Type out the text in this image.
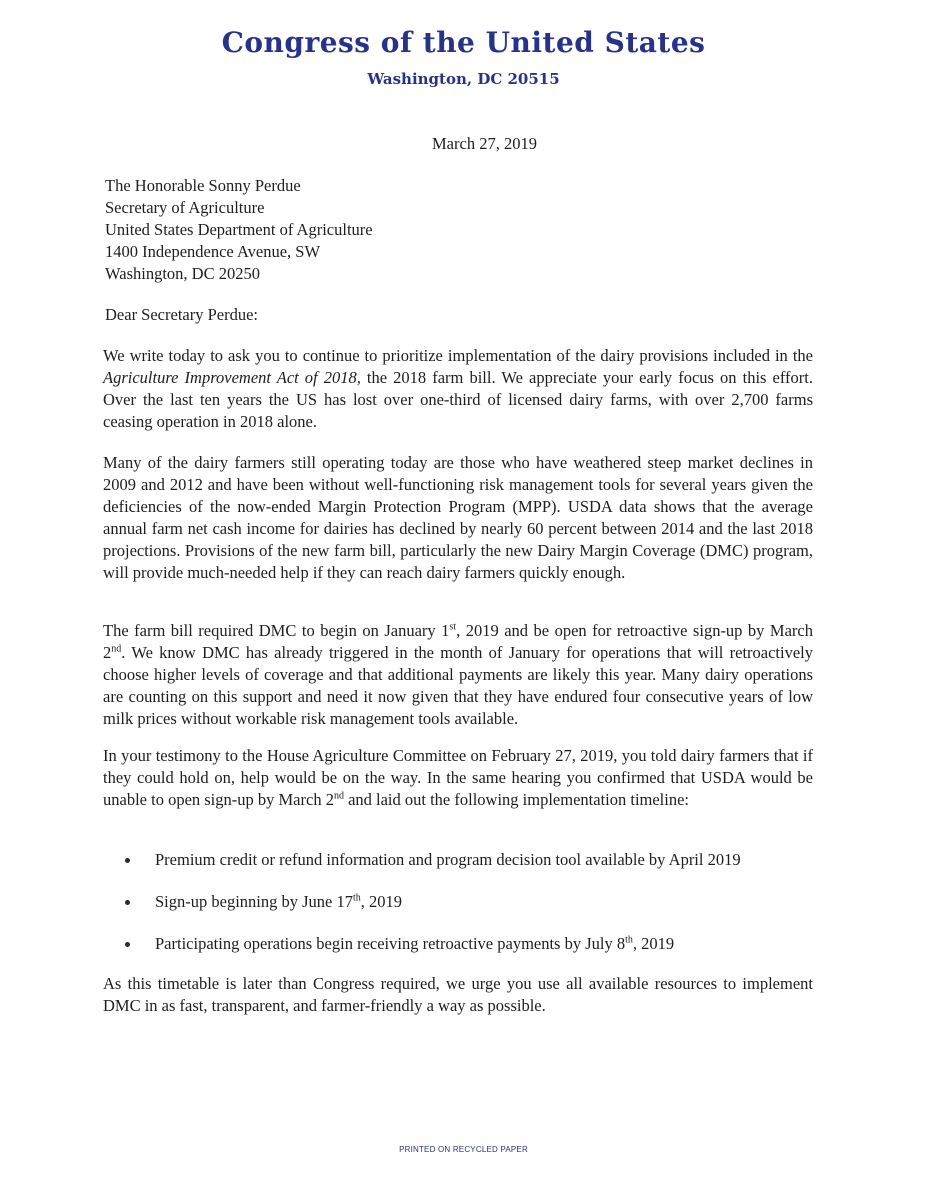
Congress of the United States
Washington, DC 20515
March 27, 2019
The Honorable Sonny Perdue
Secretary of Agriculture
United States Department of Agriculture
1400 Independence Avenue, SW
Washington, DC 20250
Dear Secretary Perdue:
We write today to ask you to continue to prioritize implementation of the dairy provisions included in the Agriculture Improvement Act of 2018, the 2018 farm bill. We appreciate your early focus on this effort. Over the last ten years the US has lost over one-third of licensed dairy farms, with over 2,700 farms ceasing operation in 2018 alone.
Many of the dairy farmers still operating today are those who have weathered steep market declines in 2009 and 2012 and have been without well-functioning risk management tools for several years given the deficiencies of the now-ended Margin Protection Program (MPP). USDA data shows that the average annual farm net cash income for dairies has declined by nearly 60 percent between 2014 and the last 2018 projections. Provisions of the new farm bill, particularly the new Dairy Margin Coverage (DMC) program, will provide much-needed help if they can reach dairy farmers quickly enough.
The farm bill required DMC to begin on January 1st, 2019 and be open for retroactive sign-up by March 2nd. We know DMC has already triggered in the month of January for operations that will retroactively choose higher levels of coverage and that additional payments are likely this year. Many dairy operations are counting on this support and need it now given that they have endured four consecutive years of low milk prices without workable risk management tools available.
In your testimony to the House Agriculture Committee on February 27, 2019, you told dairy farmers that if they could hold on, help would be on the way. In the same hearing you confirmed that USDA would be unable to open sign-up by March 2nd and laid out the following implementation timeline:
Premium credit or refund information and program decision tool available by April 2019
Sign-up beginning by June 17th, 2019
Participating operations begin receiving retroactive payments by July 8th, 2019
As this timetable is later than Congress required, we urge you use all available resources to implement DMC in as fast, transparent, and farmer-friendly a way as possible.
PRINTED ON RECYCLED PAPER
